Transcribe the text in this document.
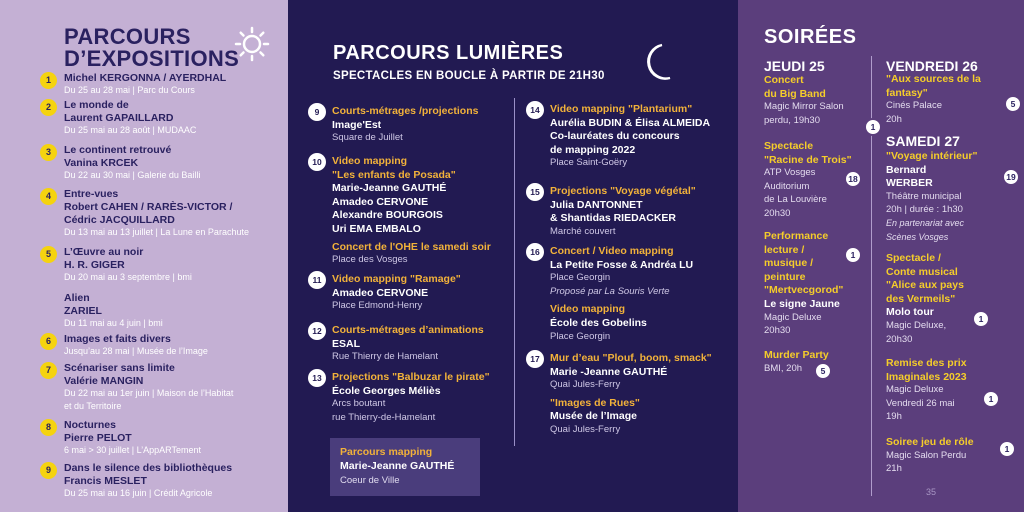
PARCOURS
D’EXPOSITIONS
1	Michel KERGONNA / AYERDHAL
Du 25 au 28 mai | Parc du Cours
2	Le monde de
Laurent GAPAILLARD
Du 25 mai au 28 août | MUDAAC
3	Le continent retrouvé
Vanina KRCEK
Du 22 au 30 mai | Galerie du Bailli
4	Entre-vues
Robert CAHEN / RARÈS-VICTOR /
Cédric JACQUILLARD
Du 13 mai au 13 juillet | La Lune en Parachute
5	L’Œuvre au noir
H. R. GIGER
Du 20 mai au 3 septembre | bmi
Alien
ZARIEL
Du 11 mai au 4 juin | bmi
6	Images et faits divers
Jusqu’au 28 mai | Musée de l’Image
7	Scénariser sans limite
Valérie MANGIN
Du 22 mai au 1er juin | Maison de l’Habitat
et du Territoire
8	Nocturnes
Pierre PELOT
6 mai > 30 juillet | L’AppARTement
9	Dans le silence des bibliothèques
Francis MESLET
Du 25 mai au 16 juin | Crédit Agricole
PARCOURS LUMIÈRES
SPECTACLES EN BOUCLE À PARTIR DE 21H30
9	Courts-métrages /projections
Image'Est
Square de Juillet
10 Video mapping
"Les enfants de Posada"
Marie-Jeanne GAUTHÉ
Amadeo CERVONE
Alexandre BOURGOIS
Uri EMA EMBALO
Concert de l'OHE le samedi soir
Place des Vosges
11	Video mapping "Ramage"
Amadeo CERVONE
Place Edmond-Henry
12 Courts-métrages d’animations
ESAL
Rue Thierry de Hamelant
13 Projections "Balbuzar le pirate"
École Georges Méliès
Arcs boutant
rue Thierry-de-Hamelant
14 Video mapping "Plantarium"
Aurélia BUDIN & Élisa ALMEIDA
Co-lauréates du concours
de mapping 2022
Place Saint-Goëry
15 Projections "Voyage végétal"
Julia DANTONNET
& Shantidas RIEDACKER
Marché couvert
16 Concert / Video mapping
La Petite Fosse & Andréa LU
Place Georgin
Proposé par La Souris Verte
Video mapping
École des Gobelins
Place Georgin
17 Mur d’eau "Plouf, boom, smack"
Marie -Jeanne GAUTHÉ
Quai Jules-Ferry
"Images de Rues"
Musée de l’Image
Quai Jules-Ferry
Parcours mapping
Marie-Jeanne GAUTHÉ
Coeur de Ville
SOIRÉES
JEUDI 25	VENDREDI 26
SAMEDI 27
Concert
du Big Band
Magic Mirror Salon
perdu, 19h30
1
Spectacle
"Racine de Trois"
ATP Vosges
Auditorium
de La Louvière
20h30
18
Performance
lecture /
musique /
peinture
"Mertvecgorod"
Le signe Jaune
Magic Deluxe
20h30
1
Murder Party
BMI, 20h	5
"Aux sources de la
fantasy"
Cinés Palace
20h
5
"Voyage intérieur"
Bernard
WERBER
Théâtre municipal
20h | durée : 1h30
En partenariat avec
Scènes Vosges
19
Spectacle /
Conte musical
"Alice aux pays
des Vermeils"
Molo tour
Magic Deluxe,
20h30
1
Remise des prix
Imaginales 2023
Magic Deluxe
Vendredi 26 mai
19h
1
Soiree jeu de rôle
Magic Salon Perdu
21h
1
35
